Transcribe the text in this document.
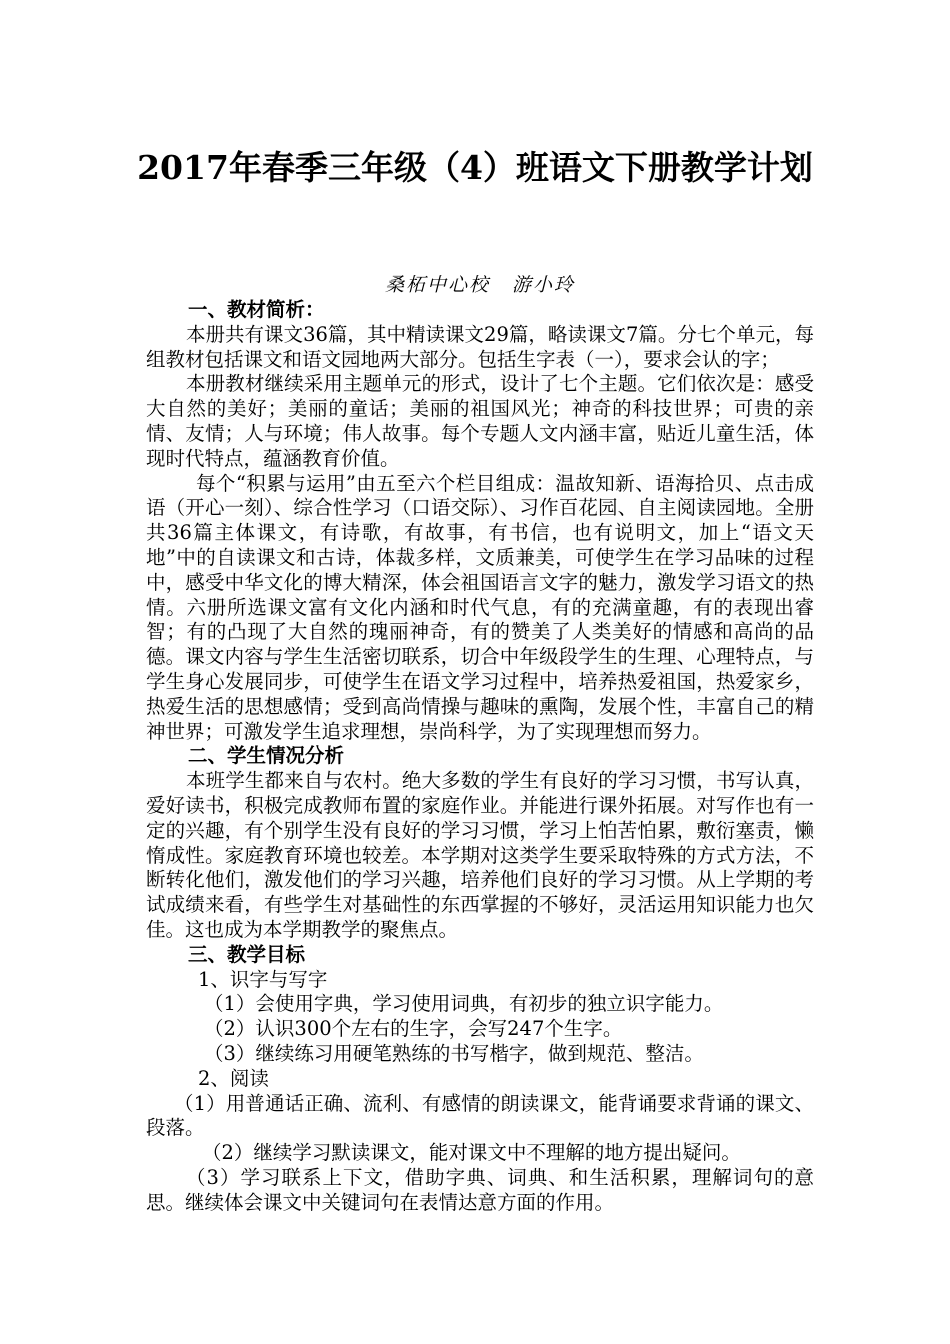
2017年春季三年级（4）班语文下册教学计划
桑柘中心校 游小玲

一、教材简析：

本册共有课文36篇，其中精读课文29篇，略读课文7篇。分七个单元，每组教材包括课文和语文园地两大部分。包括生字表（一），要求会认的字；

本册教材继续采用主题单元的形式，设计了七个主题。它们依次是：感受大自然的美好；美丽的童话；美丽的祖国风光；神奇的科技世界；可贵的亲情、友情；人与环境；伟人故事。每个专题人文内涵丰富，贴近儿童生活，体现时代特点，蕴涵教育价值。

每个“积累与运用”由五至六个栏目组成：温故知新、语海拾贝、点击成语（开心一刻）、综合性学习（口语交际）、习作百花园、自主阅读园地。全册共36篇主体课文，有诗歌，有故事，有书信，也有说明文，加上“语文天地”中的自读课文和古诗，体裁多样，文质兼美，可使学生在学习品味的过程中，感受中华文化的博大精深，体会祖国语言文字的魅力，激发学习语文的热情。六册所选课文富有文化内涵和时代气息，有的充满童趣，有的表现出睿智；有的凸现了大自然的瑰丽神奇，有的赞美了人类美好的情感和高尚的品德。课文内容与学生生活密切联系，切合中年级段学生的生理、心理特点，与学生身心发展同步，可使学生在语文学习过程中，培养热爱祖国，热爱家乡，热爱生活的思想感情；受到高尚情操与趣味的熏陶，发展个性，丰富自己的精神世界；可激发学生追求理想，崇尚科学，为了实现理想而努力。

二、学生情况分析

本班学生都来自与农村。绝大多数的学生有良好的学习习惯，书写认真，爱好读书，积极完成教师布置的家庭作业。并能进行课外拓展。对写作也有一定的兴趣，有个别学生没有良好的学习习惯，学习上怕苦怕累，敷衍塞责，懒惰成性。家庭教育环境也较差。本学期对这类学生要采取特殊的方式方法，不断转化他们，激发他们的学习兴趣，培养他们良好的学习习惯。从上学期的考试成绩来看，有些学生对基础性的东西掌握的不够好，灵活运用知识能力也欠佳。这也成为本学期教学的聚焦点。

三、教学目标

1、识字与写字

（1）会使用字典，学习使用词典，有初步的独立识字能力。

（2）认识300个左右的生字，会写247个生字。

（3）继续练习用硬笔熟练的书写楷字，做到规范、整洁。

2、阅读

（1）用普通话正确、流利、有感情的朗读课文，能背诵要求背诵的课文、段落。

（2）继续学习默读课文，能对课文中不理解的地方提出疑问。

（3）学习联系上下文，借助字典、词典、和生活积累，理解词句的意思。继续体会课文中关键词句在表情达意方面的作用。
